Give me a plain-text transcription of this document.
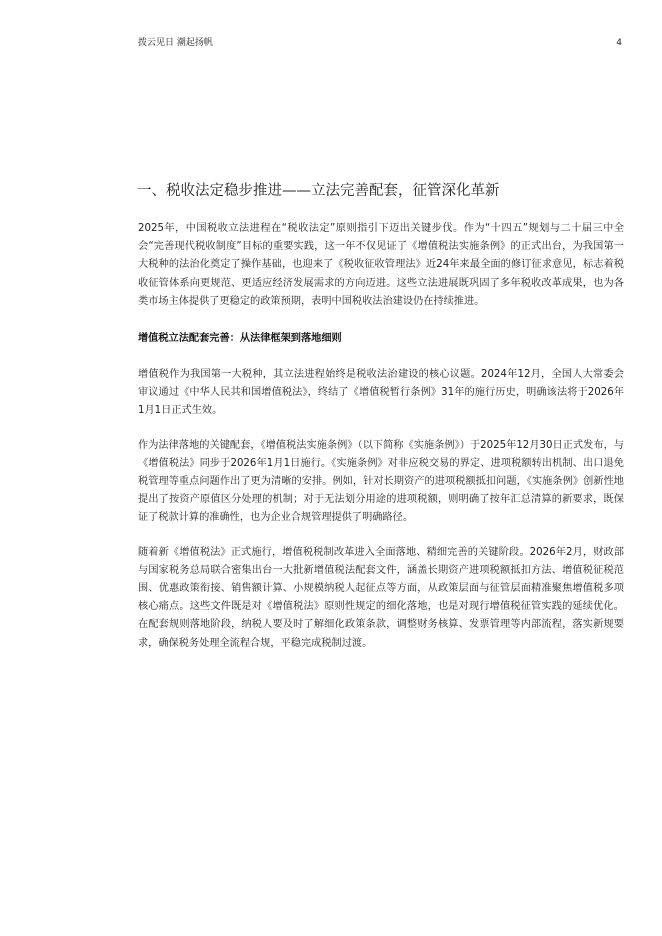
拨云见日 潮起扬帆	4
一、税收法定稳步推进——立法完善配套，征管深化革新

2025年，中国税收立法进程在“税收法定”原则指引下迈出关键步伐。作为“十四五”规划与二十届三中全会“完善现代税收制度”目标的重要实践，这一年不仅见证了《增值税法实施条例》的正式出台，为我国第一大税种的法治化奠定了操作基础，也迎来了《税收征收管理法》近24年来最全面的修订征求意见，标志着税收征管体系向更规范、更适应经济发展需求的方向迈进。这些立法进展既巩固了多年税收改革成果，也为各类市场主体提供了更稳定的政策预期，表明中国税收法治建设仍在持续推进。

增值税立法配套完善：从法律框架到落地细则

增值税作为我国第一大税种，其立法进程始终是税收法治建设的核心议题。2024年12月，全国人大常委会审议通过《中华人民共和国增值税法》，终结了《增值税暂行条例》31年的施行历史，明确该法将于2026年1月1日正式生效。

作为法律落地的关键配套，《增值税法实施条例》（以下简称《实施条例》）于2025年12月30日正式发布，与《增值税法》同步于2026年1月1日施行。《实施条例》对非应税交易的界定、进项税额转出机制、出口退免税管理等重点问题作出了更为清晰的安排。例如，针对长期资产的进项税额抵扣问题，《实施条例》创新性地提出了按资产原值区分处理的机制；对于无法划分用途的进项税额，则明确了按年汇总清算的新要求，既保证了税款计算的准确性，也为企业合规管理提供了明确路径。

随着新《增值税法》正式施行，增值税税制改革进入全面落地、精细完善的关键阶段。2026年2月，财政部与国家税务总局联合密集出台一大批新增值税法配套文件，涵盖长期资产进项税额抵扣方法、增值税征税范围、优惠政策衔接、销售额计算、小规模纳税人起征点等方面，从政策层面与征管层面精准聚焦增值税多项核心痛点。这些文件既是对《增值税法》原则性规定的细化落地，也是对现行增值税征管实践的延续优化。在配套规则落地阶段，纳税人要及时了解细化政策条款，调整财务核算、发票管理等内部流程，落实新规要求，确保税务处理全流程合规，平稳完成税制过渡。
